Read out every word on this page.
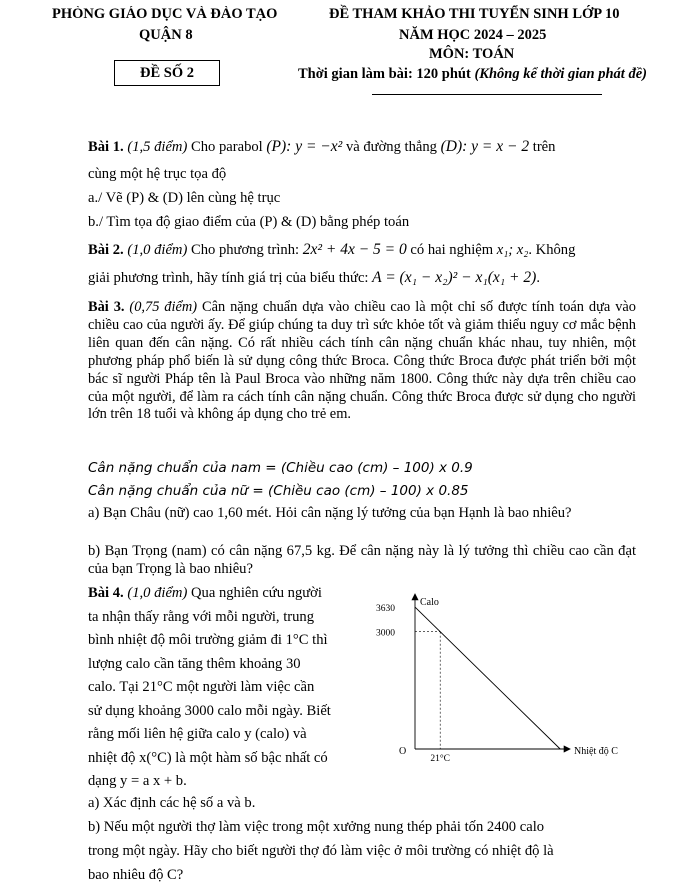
PHÒNG GIÁO DỤC VÀ ĐÀO TẠO
QUẬN 8
ĐỀ SỐ 2
ĐỀ THAM KHẢO THI TUYỂN SINH LỚP 10
NĂM HỌC 2024 – 2025
MÔN: TOÁN
Thời gian làm bài: 120 phút (Không kể thời gian phát đề)
Bài 1. (1,5 điểm) Cho parabol (P): y = −x² và đường thẳng (D): y = x − 2 trên
cùng một hệ trục tọa độ
a./ Vẽ (P) & (D) lên cùng hệ trục
b./ Tìm tọa độ giao điểm của (P) & (D) bằng phép toán
Bài 2. (1,0 điểm) Cho phương trình: 2x² + 4x − 5 = 0 có hai nghiệm x₁; x₂. Không
giải phương trình, hãy tính giá trị của biểu thức: A = (x₁ − x₂)² − x₁(x₁ + 2).
Bài 3. (0,75 điểm) Cân nặng chuẩn dựa vào chiều cao là một chỉ số được tính toán dựa vào chiều cao của người ấy. Để giúp chúng ta duy trì sức khỏe tốt và giảm thiểu nguy cơ mắc bệnh liên quan đến cân nặng. Có rất nhiều cách tính cân nặng chuẩn khác nhau, tuy nhiên, một phương pháp phổ biến là sử dụng công thức Broca. Công thức Broca được phát triển bởi một bác sĩ người Pháp tên là Paul Broca vào những năm 1800. Công thức này dựa trên chiều cao của một người, để làm ra cách tính cân nặng chuẩn. Công thức Broca được sử dụng cho người lớn trên 18 tuổi và không áp dụng cho trẻ em.
Cân nặng chuẩn của nam = (Chiều cao (cm) – 100) x 0.9
Cân nặng chuẩn của nữ = (Chiều cao (cm) – 100) x 0.85
a) Bạn Châu (nữ) cao 1,60 mét. Hỏi cân nặng lý tưởng của bạn Hạnh là bao nhiêu?
b) Bạn Trọng (nam) có cân nặng 67,5 kg. Để cân nặng này là lý tưởng thì chiều cao cần đạt của bạn Trọng là bao nhiêu?
Bài 4. (1,0 điểm) Qua nghiên cứu người
ta nhận thấy rằng với mỗi người, trung
bình nhiệt độ môi trường giảm đi 1°C thì
lượng calo cần tăng thêm khoảng 30
calo. Tại 21°C một người làm việc cần
sử dụng khoảng 3000 calo mỗi ngày. Biết
rằng mối liên hệ giữa calo y (calo) và
nhiệt độ x(°C) là một hàm số bậc nhất có
dạng y = a x + b.
Calo
Nhiệt độ C
O
3630
3000
21°C
a) Xác định các hệ số a và b.
b) Nếu một người thợ làm việc trong một xưởng nung thép phải tốn 2400 calo
trong một ngày. Hãy cho biết người thợ đó làm việc ở môi trường có nhiệt độ là
bao nhiêu độ C?
